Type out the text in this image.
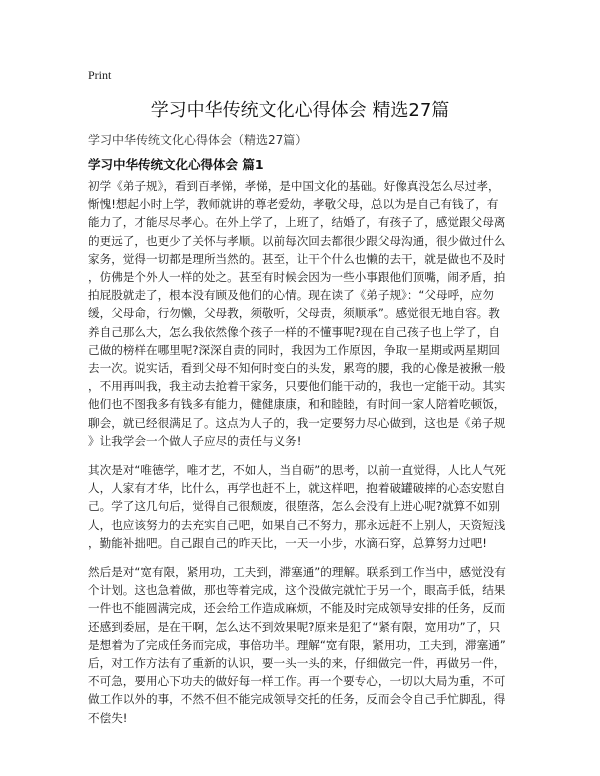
Print
学习中华传统文化心得体会 精选27篇
学习中华传统文化心得体会（精选27篇）
学习中华传统文化心得体会 篇1
初学《弟子规》，看到百孝悌，孝悌，是中国文化的基础。好像真没怎么尽过孝，
惭愧!想起小时上学，教师就讲的尊老爱幼，孝敬父母，总以为是自己有钱了，有
能力了，才能尽尽孝心。在外上学了，上班了，结婚了，有孩子了，感觉跟父母离
的更远了，也更少了关怀与孝顺。以前每次回去都很少跟父母沟通，很少做过什么
家务，觉得一切都是理所当然的。甚至，让干个什么也懒的去干，就是做也不及时
，仿佛是个外人一样的处之。甚至有时候会因为一些小事跟他们顶嘴，闹矛盾，拍
拍屁股就走了，根本没有顾及他们的心情。现在读了《弟子规》：“父母呼，应勿
缓，父母命，行勿懒，父母教，须敬听，父母责，须顺承”。感觉很无地自容。教
养自己那么大，怎么我依然像个孩子一样的不懂事呢?现在自己孩子也上学了，自
己做的榜样在哪里呢?深深自责的同时，我因为工作原因，争取一星期或两星期回
去一次。说实话，看到父母不知何时变白的头发，累弯的腰，我的心像是被揪一般
，不用再叫我，我主动去抢着干家务，只要他们能干动的，我也一定能干动。其实
他们也不图我多有钱多有能力，健健康康，和和睦睦，有时间一家人陪着吃顿饭，
聊会，就已经很满足了。这点为人子的，我一定要努力尽心做到，这也是《弟子规
》让我学会一个做人子应尽的责任与义务!
其次是对“唯德学，唯才艺，不如人，当自砺”的思考，以前一直觉得，人比人气死
人，人家有才华，比什么，再学也赶不上，就这样吧，抱着破罐破摔的心态安慰自
己。学了这几句后，觉得自己很颓废，很堕落，怎么会没有上进心呢?就算不如别
人，也应该努力的去充实自己吧，如果自己不努力，那永远赶不上别人，天资短浅
，勤能补拙吧。自己跟自己的昨天比，一天一小步，水滴石穿，总算努力过吧!
然后是对“宽有限，紧用功，工夫到，滞塞通”的理解。联系到工作当中，感觉没有
个计划。这也急着做，那也等着完成，这个没做完就忙于另一个，眼高手低，结果
一件也不能圆满完成，还会给工作造成麻烦，不能及时完成领导安排的任务，反而
还感到委屈，是在干啊，怎么达不到效果呢?原来是犯了“紧有限，宽用功”了，只
是想着为了完成任务而完成，事倍功半。理解“宽有限，紧用功，工夫到，滞塞通”
后，对工作方法有了重新的认识，要一头一头的来，仔细做完一件，再做另一件，
不可急，要用心下功夫的做好每一样工作。再一个要专心，一切以大局为重，不可
做工作以外的事，不然不但不能完成领导交托的任务，反而会令自己手忙脚乱，得
不偿失!
